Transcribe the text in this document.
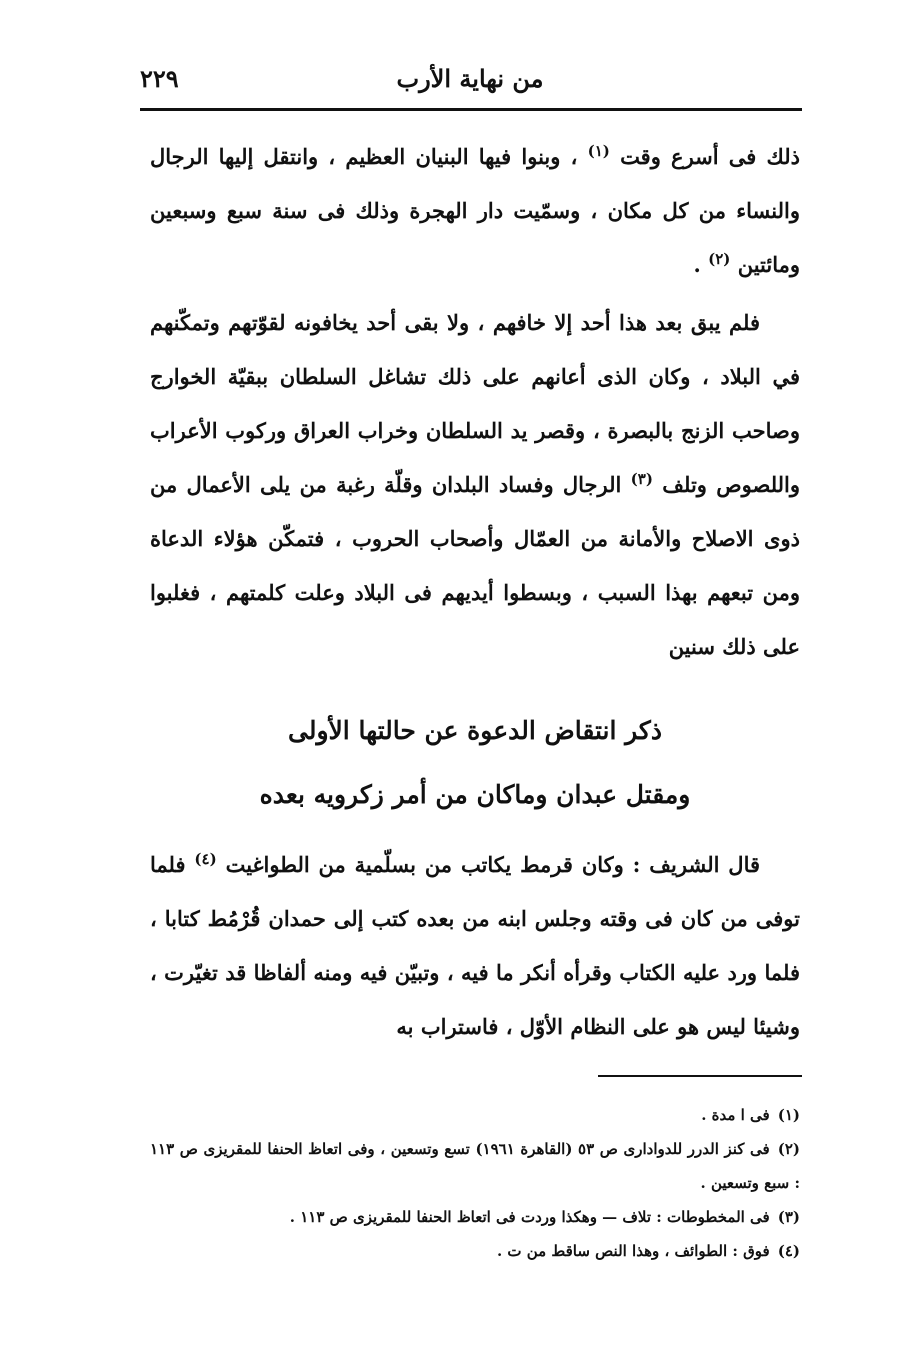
من نهاية الأرب
٢٢٩

ذلك فى أسرع وقت $^{(١)}$ ، وبنوا فيها البنيان العظيم ، وانتقل إليها الرجال والنساء من كل مكان ، وسمّيت دار الهجرة وذلك فى سنة سبع وسبعين ومائتين $^{(٢)}$ .

فلم يبق بعد هذا أحد إلا خافهم ، ولا بقى أحد يخافونه لقوّتهم وتمكّنهم في البلاد ، وكان الذى أعانهم على ذلك تشاغل السلطان ببقيّة الخوارج وصاحب الزنج بالبصرة ، وقصر يد السلطان وخراب العراق وركوب الأعراب واللصوص وتلف $^{(٣)}$ الرجال وفساد البلدان وقلّة رغبة من يلى الأعمال من ذوى الاصلاح والأمانة من العمّال وأصحاب الحروب ، فتمكّن هؤلاء الدعاة ومن تبعهم بهذا السبب ، وبسطوا أيديهم فى البلاد وعلت كلمتهم ، فغلبوا على ذلك سنين

ذكر انتقاض الدعوة عن حالتها الأولى
ومقتل عبدان وماكان من أمر زكرويه بعده

قال الشريف : وكان قرمط يكاتب من بسلّمية من الطواغيت $^{(٤)}$ فلما توفى من كان فى وقته وجلس ابنه من بعده كتب إلى حمدان قُرْمُط كتابا ، فلما ورد عليه الكتاب وقرأه أنكر ما فيه ، وتبيّن فيه ومنه ألفاظا قد تغيّرت ، وشيئا ليس هو على النظام الأوّل ، فاستراب به

(١)فى ا مدة .
(٢)فى كنز الدرر للدوادارى ص ٥٣ (القاهرة ١٩٦١) تسع وتسعين ، وفى اتعاظ الحنفا للمقريزى ص ١١٣ : سبع وتسعين .
(٣)فى المخطوطات : تلاف — وهكذا وردت فى اتعاظ الحنفا للمقريزى ص ١١٣ .
(٤)فوق : الطوائف ، وهذا النص ساقط من ت .
